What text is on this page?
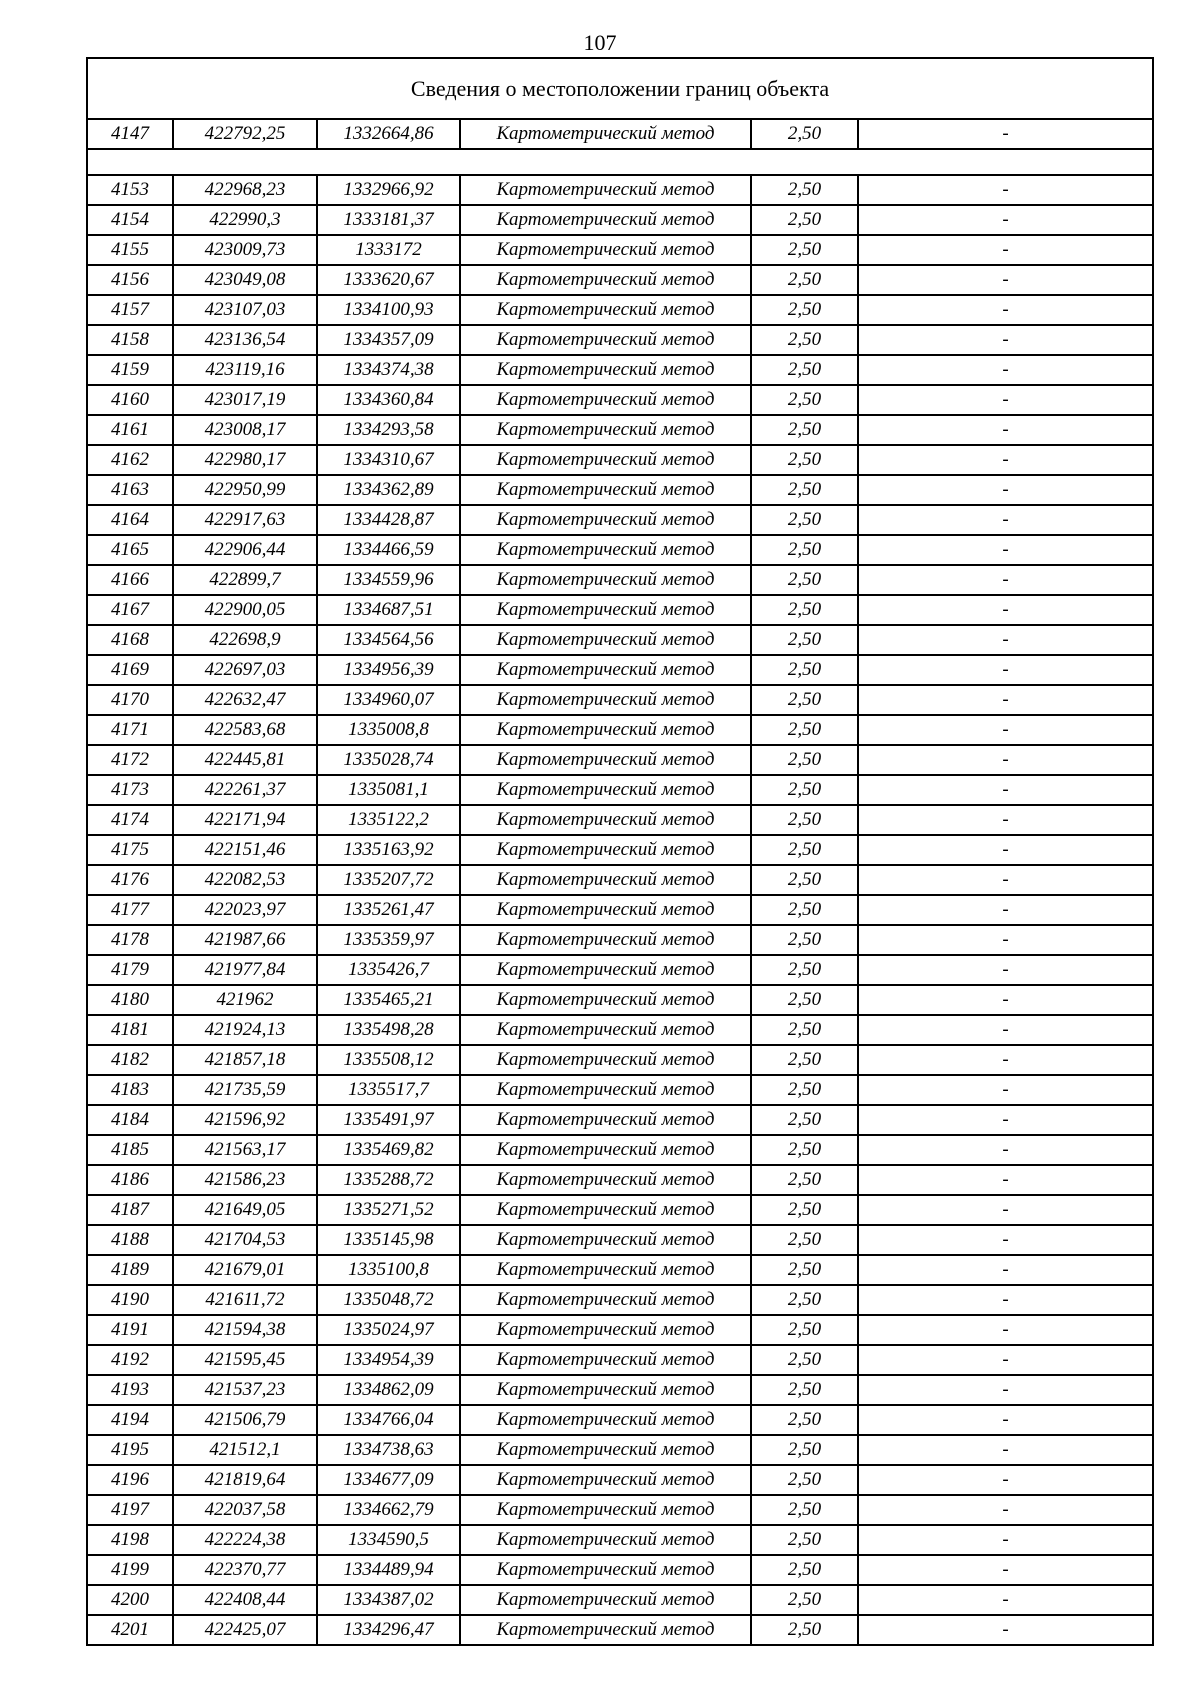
107
Сведения о местоположении границ объекта					
4147	422792,25	1332664,86	Картометрический метод	2,50	-

4153	422968,23	1332966,92	Картометрический метод	2,50	-
4154	422990,3	1333181,37	Картометрический метод	2,50	-
4155	423009,73	1333172	Картометрический метод	2,50	-
4156	423049,08	1333620,67	Картометрический метод	2,50	-
4157	423107,03	1334100,93	Картометрический метод	2,50	-
4158	423136,54	1334357,09	Картометрический метод	2,50	-
4159	423119,16	1334374,38	Картометрический метод	2,50	-
4160	423017,19	1334360,84	Картометрический метод	2,50	-
4161	423008,17	1334293,58	Картометрический метод	2,50	-
4162	422980,17	1334310,67	Картометрический метод	2,50	-
4163	422950,99	1334362,89	Картометрический метод	2,50	-
4164	422917,63	1334428,87	Картометрический метод	2,50	-
4165	422906,44	1334466,59	Картометрический метод	2,50	-
4166	422899,7	1334559,96	Картометрический метод	2,50	-
4167	422900,05	1334687,51	Картометрический метод	2,50	-
4168	422698,9	1334564,56	Картометрический метод	2,50	-
4169	422697,03	1334956,39	Картометрический метод	2,50	-
4170	422632,47	1334960,07	Картометрический метод	2,50	-
4171	422583,68	1335008,8	Картометрический метод	2,50	-
4172	422445,81	1335028,74	Картометрический метод	2,50	-
4173	422261,37	1335081,1	Картометрический метод	2,50	-
4174	422171,94	1335122,2	Картометрический метод	2,50	-
4175	422151,46	1335163,92	Картометрический метод	2,50	-
4176	422082,53	1335207,72	Картометрический метод	2,50	-
4177	422023,97	1335261,47	Картометрический метод	2,50	-
4178	421987,66	1335359,97	Картометрический метод	2,50	-
4179	421977,84	1335426,7	Картометрический метод	2,50	-
4180	421962	1335465,21	Картометрический метод	2,50	-
4181	421924,13	1335498,28	Картометрический метод	2,50	-
4182	421857,18	1335508,12	Картометрический метод	2,50	-
4183	421735,59	1335517,7	Картометрический метод	2,50	-
4184	421596,92	1335491,97	Картометрический метод	2,50	-
4185	421563,17	1335469,82	Картометрический метод	2,50	-
4186	421586,23	1335288,72	Картометрический метод	2,50	-
4187	421649,05	1335271,52	Картометрический метод	2,50	-
4188	421704,53	1335145,98	Картометрический метод	2,50	-
4189	421679,01	1335100,8	Картометрический метод	2,50	-
4190	421611,72	1335048,72	Картометрический метод	2,50	-
4191	421594,38	1335024,97	Картометрический метод	2,50	-
4192	421595,45	1334954,39	Картометрический метод	2,50	-
4193	421537,23	1334862,09	Картометрический метод	2,50	-
4194	421506,79	1334766,04	Картометрический метод	2,50	-
4195	421512,1	1334738,63	Картометрический метод	2,50	-
4196	421819,64	1334677,09	Картометрический метод	2,50	-
4197	422037,58	1334662,79	Картометрический метод	2,50	-
4198	422224,38	1334590,5	Картометрический метод	2,50	-
4199	422370,77	1334489,94	Картометрический метод	2,50	-
4200	422408,44	1334387,02	Картометрический метод	2,50	-
4201	422425,07	1334296,47	Картометрический метод	2,50	-
